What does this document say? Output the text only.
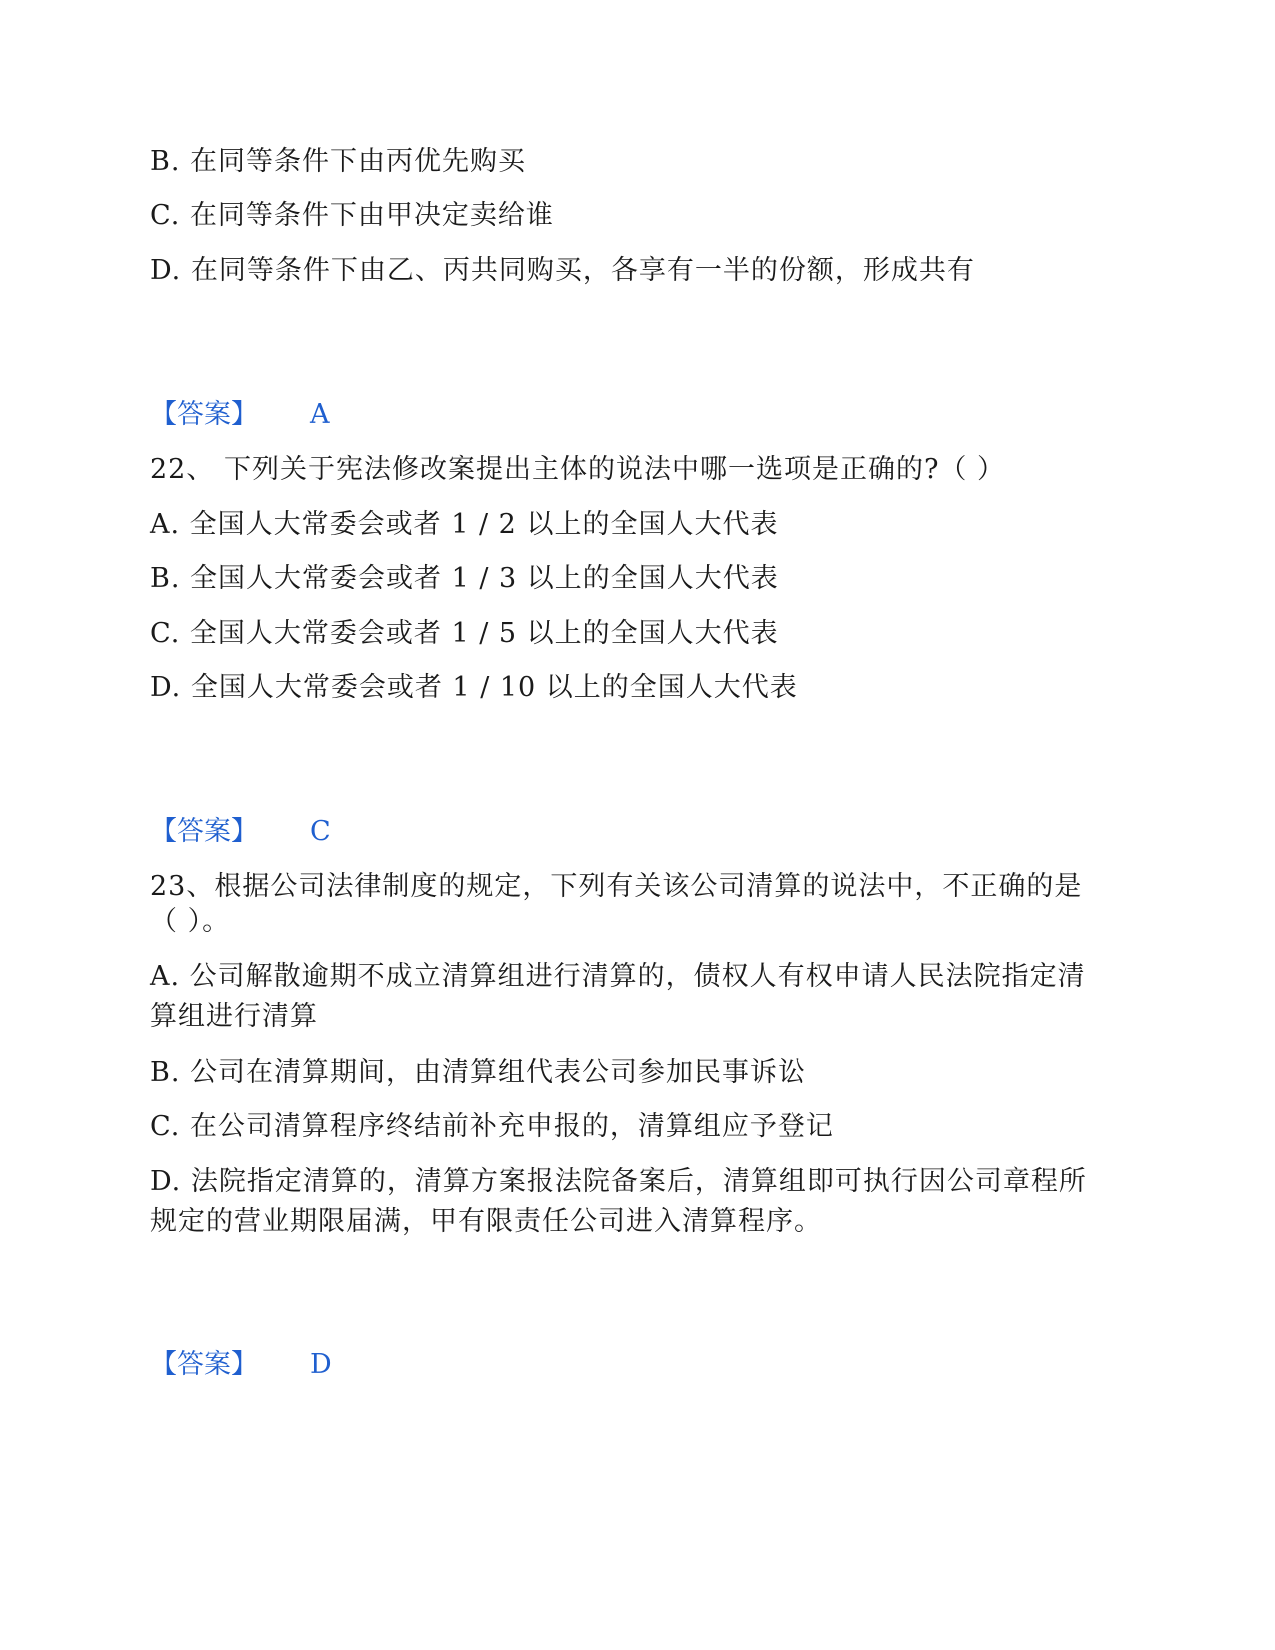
B. 在同等条件下由丙优先购买
C. 在同等条件下由甲决定卖给谁
D. 在同等条件下由乙、丙共同购买，各享有一半的份额，形成共有
【答案】 A
22、 下列关于宪法修改案提出主体的说法中哪一选项是正确的?（ ）
A. 全国人大常委会或者 1 / 2 以上的全国人大代表
B. 全国人大常委会或者 1 / 3 以上的全国人大代表
C. 全国人大常委会或者 1 / 5 以上的全国人大代表
D. 全国人大常委会或者 1 / 10 以上的全国人大代表
【答案】 C
23、根据公司法律制度的规定，下列有关该公司清算的说法中，不正确的是
（ ）。
A. 公司解散逾期不成立清算组进行清算的，债权人有权申请人民法院指定清
算组进行清算
B. 公司在清算期间，由清算组代表公司参加民事诉讼
C. 在公司清算程序终结前补充申报的，清算组应予登记
D. 法院指定清算的，清算方案报法院备案后，清算组即可执行因公司章程所
规定的营业期限届满，甲有限责任公司进入清算程序。
【答案】 D
